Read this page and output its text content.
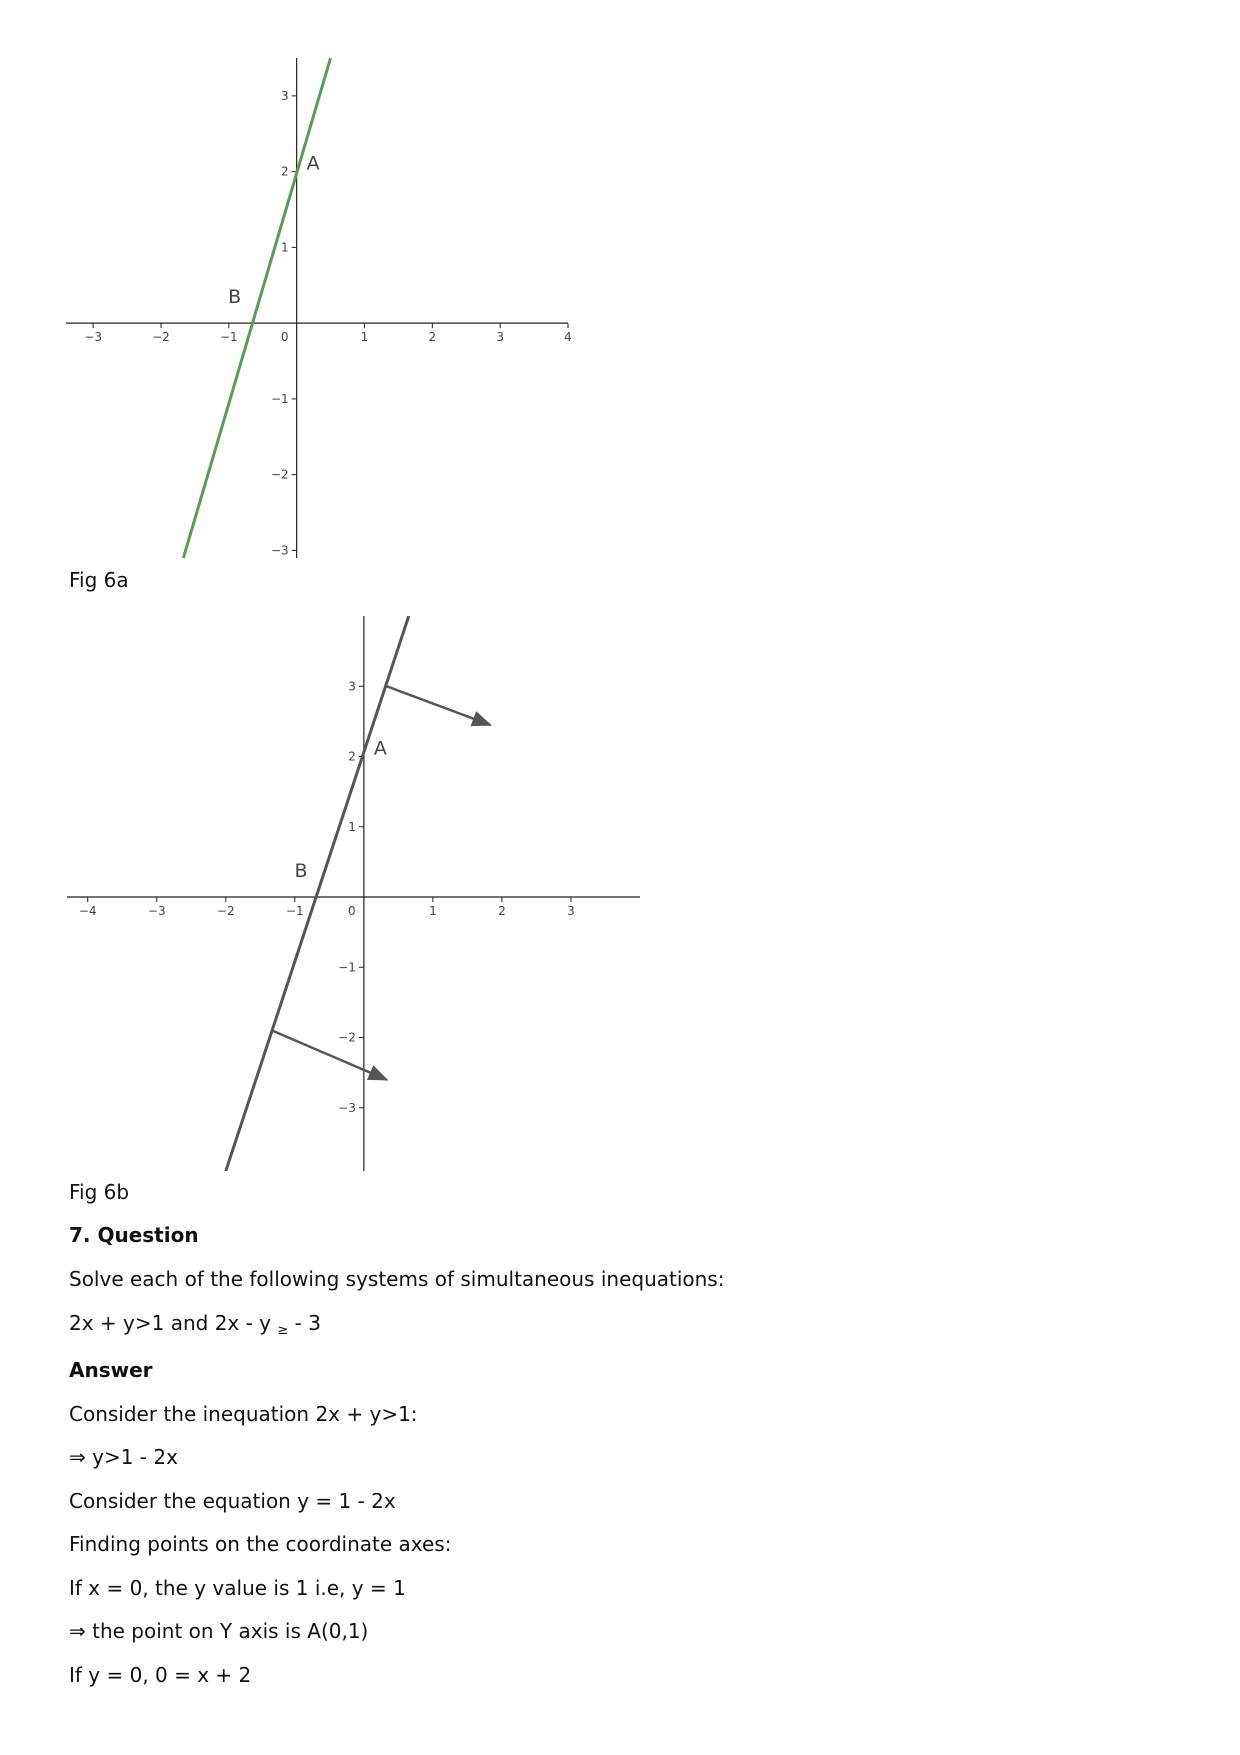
−3	−2	−1	0	1	2	3	4
3
2
1
−1
−2
−3
A
B
Fig 6a
−4	−3	−2	−1	0	1	2	3
3
2
1
−1
−2
−3
A
B
Fig 6b
7. Question
Solve each of the following systems of simultaneous inequations:
2x + y>1 and 2x - y $_\ge$ - 3
Answer
Consider the inequation 2x + y>1:
⇒ y>1 - 2x
Consider the equation y = 1 - 2x
Finding points on the coordinate axes:
If x = 0, the y value is 1 i.e, y = 1
⇒ the point on Y axis is A(0,1)
If y = 0, 0 = x + 2
